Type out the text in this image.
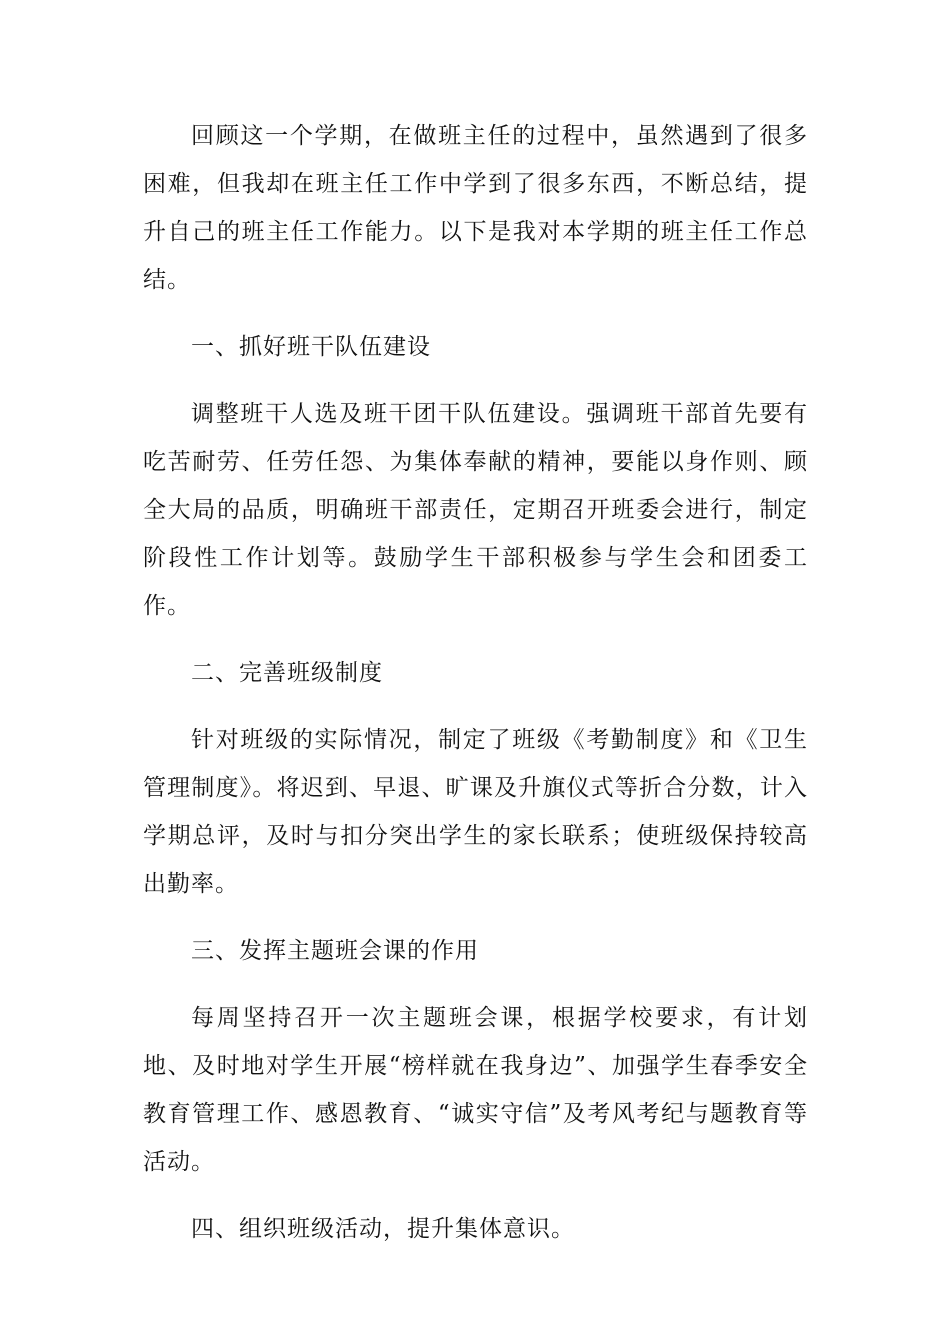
回顾这一个学期，在做班主任的过程中，虽然遇到了很多困难，但我却在班主任工作中学到了很多东西，不断总结，提升自己的班主任工作能力。以下是我对本学期的班主任工作总结。

一、抓好班干队伍建设

调整班干人选及班干团干队伍建设。强调班干部首先要有吃苦耐劳、任劳任怨、为集体奉献的精神，要能以身作则、顾全大局的品质，明确班干部责任，定期召开班委会进行，制定阶段性工作计划等。鼓励学生干部积极参与学生会和团委工作。

二、完善班级制度

针对班级的实际情况，制定了班级《考勤制度》和《卫生管理制度》。将迟到、早退、旷课及升旗仪式等折合分数，计入学期总评，及时与扣分突出学生的家长联系；使班级保持较高出勤率。

三、发挥主题班会课的作用

每周坚持召开一次主题班会课，根据学校要求，有计划地、及时地对学生开展“榜样就在我身边”、加强学生春季安全教育管理工作、感恩教育、“诚实守信”及考风考纪与题教育等活动。

四、组织班级活动，提升集体意识。
